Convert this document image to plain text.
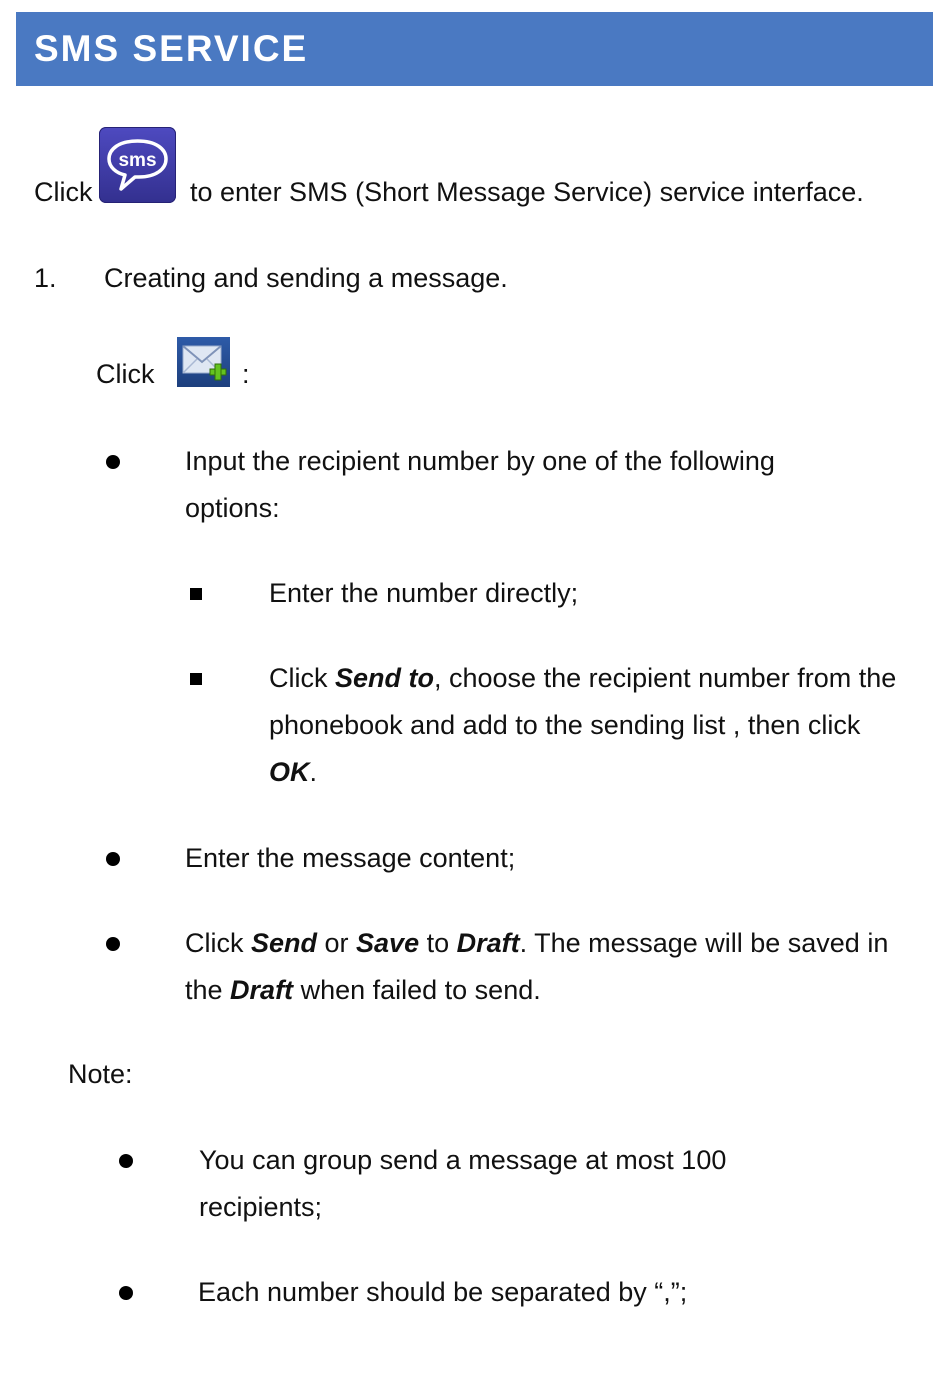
SMS SERVICE
Click
sms
to enter SMS (Short Message Service) service interface.
1. Creating and sending a message.
Click	:
Input the recipient number by one of the following options:
Enter the number directly;
Click Send to, choose the recipient number from the phonebook and add to the sending list , then click OK.
Enter the message content;
Click Send or Save to Draft. The message will be saved in the Draft when failed to send.
Note:
You can group send a message at most 100 recipients;
Each number should be separated by “,”;
